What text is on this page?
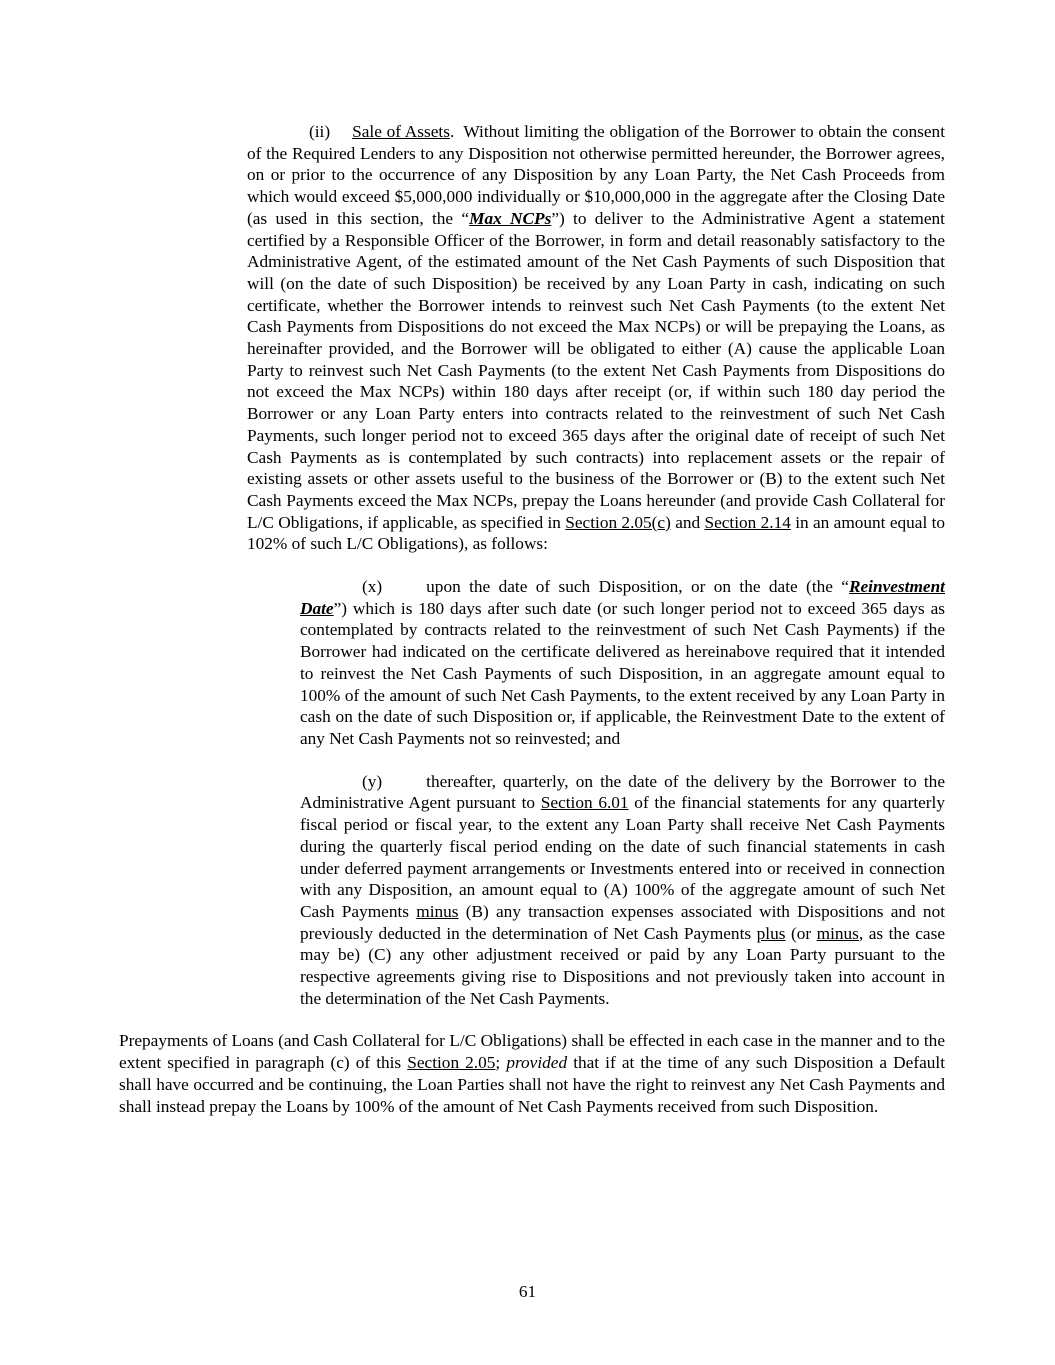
(ii) Sale of Assets.  Without limiting the obligation of the Borrower to obtain the consent of the Required Lenders to any Disposition not otherwise permitted hereunder, the Borrower agrees, on or prior to the occurrence of any Disposition by any Loan Party, the Net Cash Proceeds from which would exceed $5,000,000 individually or $10,000,000 in the aggregate after the Closing Date (as used in this section, the “Max NCPs”) to deliver to the Administrative Agent a statement certified by a Responsible Officer of the Borrower, in form and detail reasonably satisfactory to the Administrative Agent, of the estimated amount of the Net Cash Payments of such Disposition that will (on the date of such Disposition) be received by any Loan Party in cash, indicating on such certificate, whether the Borrower intends to reinvest such Net Cash Payments (to the extent Net Cash Payments from Dispositions do not exceed the Max NCPs) or will be prepaying the Loans, as hereinafter provided, and the Borrower will be obligated to either (A) cause the applicable Loan Party to reinvest such Net Cash Payments (to the extent Net Cash Payments from Dispositions do not exceed the Max NCPs) within 180 days after receipt (or, if within such 180 day period the Borrower or any Loan Party enters into contracts related to the reinvestment of such Net Cash Payments, such longer period not to exceed 365 days after the original date of receipt of such Net Cash Payments as is contemplated by such contracts) into replacement assets or the repair of existing assets or other assets useful to the business of the Borrower or (B) to the extent such Net Cash Payments exceed the Max NCPs, prepay the Loans hereunder (and provide Cash Collateral for L/C Obligations, if applicable, as specified in Section 2.05(c) and Section 2.14 in an amount equal to 102% of such L/C Obligations), as follows:

(x)	upon the date of such Disposition, or on the date (the “Reinvestment Date”) which is 180 days after such date (or such longer period not to exceed 365 days as contemplated by contracts related to the reinvestment of such Net Cash Payments) if the Borrower had indicated on the certificate delivered as hereinabove required that it intended to reinvest the Net Cash Payments of such Disposition, in an aggregate amount equal to 100% of the amount of such Net Cash Payments, to the extent received by any Loan Party in cash on the date of such Disposition or, if applicable, the Reinvestment Date to the extent of any Net Cash Payments not so reinvested; and

(y)	thereafter, quarterly, on the date of the delivery by the Borrower to the Administrative Agent pursuant to Section 6.01 of the financial statements for any quarterly fiscal period or fiscal year, to the extent any Loan Party shall receive Net Cash Payments during the quarterly fiscal period ending on the date of such financial statements in cash under deferred payment arrangements or Investments entered into or received in connection with any Disposition, an amount equal to (A) 100% of the aggregate amount of such Net Cash Payments minus (B) any transaction expenses associated with Dispositions and not previously deducted in the determination of Net Cash Payments plus (or minus, as the case may be) (C) any other adjustment received or paid by any Loan Party pursuant to the respective agreements giving rise to Dispositions and not previously taken into account in the determination of the Net Cash Payments.

Prepayments of Loans (and Cash Collateral for L/C Obligations) shall be effected in each case in the manner and to the extent specified in paragraph (c) of this Section 2.05; provided that if at the time of any such Disposition a Default shall have occurred and be continuing, the Loan Parties shall not have the right to reinvest any Net Cash Payments and shall instead prepay the Loans by 100% of the amount of Net Cash Payments received from such Disposition.

61
